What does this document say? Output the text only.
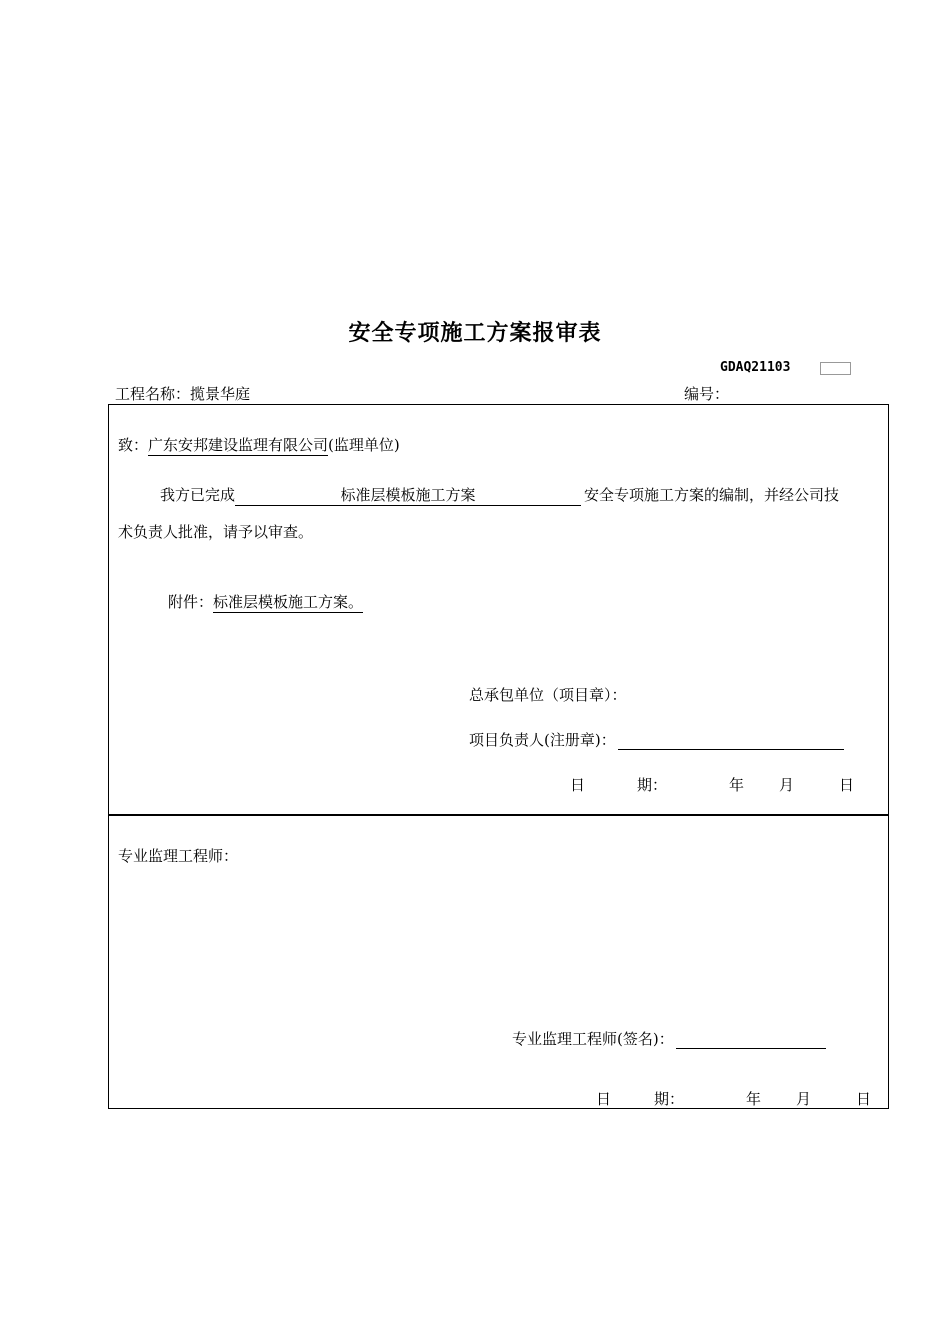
安全专项施工方案报审表
GDAQ21103
工程名称：揽景华庭	编号：
致：广东安邦建设监理有限公司(监理单位)
我方已完成	标准层模板施工方案	安全专项施工方案的编制，并经公司技
术负责人批准，请予以审查。
附件：标准层模板施工方案。
总承包单位（项目章）：
项目负责人(注册章)：
日	期：	年 月	日
专业监理工程师：
专业监理工程师(签名)：
日	期：	年 月	日
